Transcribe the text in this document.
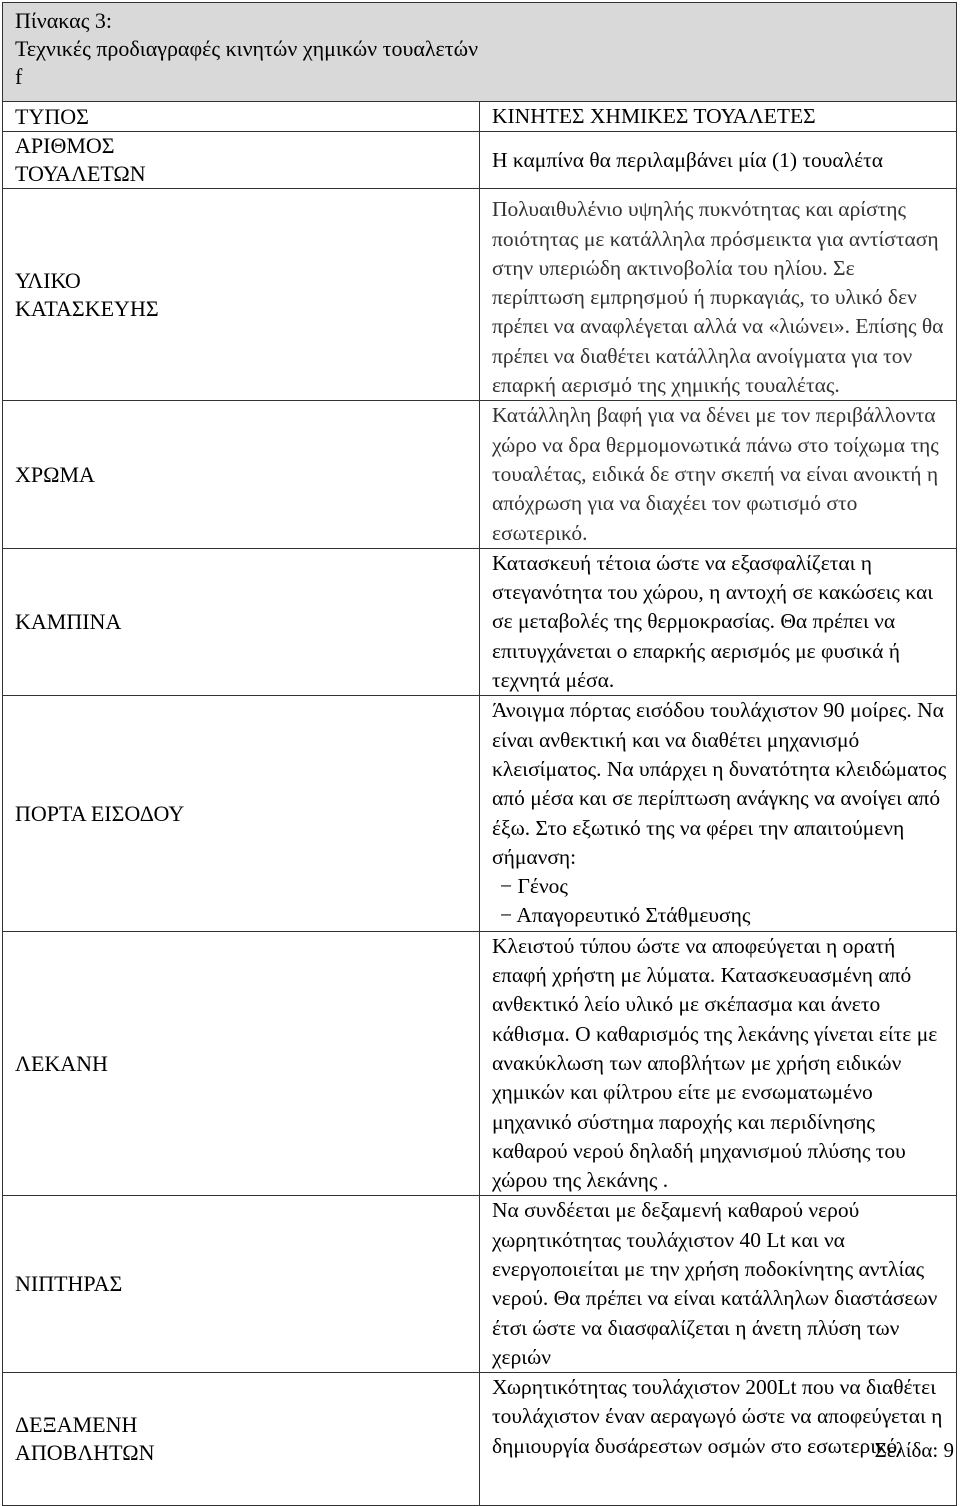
Πίνακας 3:
Τεχνικές προδιαγραφές κινητών χημικών τουαλετών
f	

ΤΥΠΟΣ	ΚΙΝΗΤΕΣ ΧΗΜΙΚΕΣ ΤΟΥΑΛΕΤΕΣ
ΑΡΙΘΜΟΣ
ΤΟΥΑΛΕΤΩΝ	Η καμπίνα θα περιλαμβάνει μία (1) τουαλέτα
ΥΛΙΚΟ
ΚΑΤΑΣΚΕΥΗΣ	Πολυαιθυλένιο υψηλής πυκνότητας και αρίστης ποιότητας με κατάλληλα πρόσμεικτα για αντίσταση στην υπεριώδη ακτινοβολία του ηλίου. Σε περίπτωση εμπρησμού ή πυρκαγιάς, το υλικό δεν πρέπει να αναφλέγεται αλλά να «λιώνει». Επίσης θα πρέπει να διαθέτει κατάλληλα ανοίγματα για τον επαρκή αερισμό της χημικής τουαλέτας.
ΧΡΩΜΑ	Κατάλληλη βαφή για να δένει με τον περιβάλλοντα χώρο να δρα θερμομονωτικά πάνω στο τοίχωμα της τουαλέτας, ειδικά δε στην σκεπή να είναι ανοικτή η απόχρωση για να διαχέει τον φωτισμό στο εσωτερικό.
ΚΑΜΠΙΝΑ	Κατασκευή τέτοια ώστε να εξασφαλίζεται η στεγανότητα του χώρου, η αντοχή σε κακώσεις και σε μεταβολές της θερμοκρασίας. Θα πρέπει να επιτυγχάνεται ο επαρκής αερισμός με φυσικά ή τεχνητά μέσα.
ΠΟΡΤΑ ΕΙΣΟΔΟΥ	Άνοιγμα πόρτας εισόδου τουλάχιστον 90 μοίρες. Να είναι ανθεκτική και να διαθέτει μηχανισμό κλεισίματος. Να υπάρχει η δυνατότητα κλειδώματος από μέσα και σε περίπτωση ανάγκης να ανοίγει από έξω. Στο εξωτικό της να φέρει την απαιτούμενη σήμανση:
− Γένος
− Απαγορευτικό Στάθμευσης

ΛΕΚΑΝΗ	Κλειστού τύπου ώστε να αποφεύγεται η ορατή επαφή χρήστη με λύματα. Κατασκευασμένη από ανθεκτικό λείο υλικό με σκέπασμα και άνετο κάθισμα. Ο καθαρισμός της λεκάνης γίνεται είτε με ανακύκλωση των αποβλήτων με χρήση ειδικών χημικών και φίλτρου είτε με ενσωματωμένο μηχανικό σύστημα παροχής και περιδίνησης καθαρού νερού δηλαδή μηχανισμού πλύσης του χώρου της λεκάνης .
ΝΙΠΤΗΡΑΣ	Να συνδέεται με δεξαμενή καθαρού νερού χωρητικότητας τουλάχιστον 40 Lt και να ενεργοποιείται με την χρήση ποδοκίνητης αντλίας νερού. Θα πρέπει να είναι κατάλληλων διαστάσεων έτσι ώστε να διασφαλίζεται η άνετη πλύση των χεριών
ΔΕΞΑΜΕΝΗ
ΑΠΟΒΛΗΤΩΝ	Χωρητικότητας τουλάχιστον 200Lt που να διαθέτει τουλάχιστον έναν αεραγωγό ώστε να αποφεύγεται η δημιουργία δυσάρεστων οσμών στο εσωτερικό.
Σελίδα: 9
